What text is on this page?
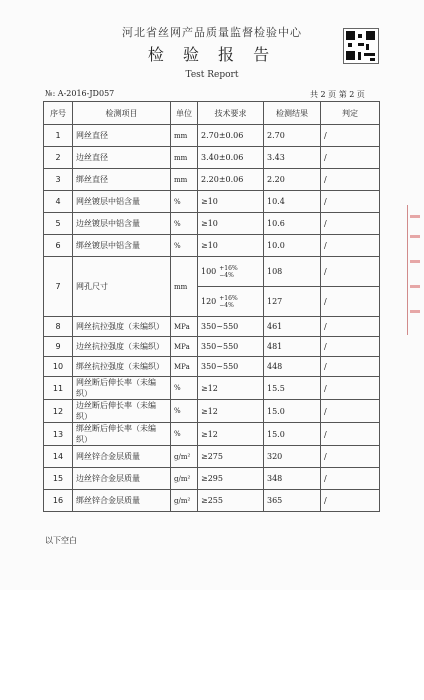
河北省丝网产品质量监督检验中心
检 验 报 告
Test Report
№: A-2016-JD057	共 2 页 第 2 页
序号	检测项目	单位	技术要求	检测结果	判定
1	网丝直径	mm	2.70±0.06	2.70	/
2	边丝直径	mm	3.40±0.06	3.43	/
3	绑丝直径	mm	2.20±0.06	2.20	/
4	网丝镀层中铝含量	%	≥10	10.4	/
5	边丝镀层中铝含量	%	≥10	10.6	/
6	绑丝镀层中铝含量	%	≥10	10.0	/
7	网孔尺寸	mm	100 +16%
−4%	108	/
			120 +16%
−4%	127	/
8	网丝抗拉强度（未编织）	MPa	350~550	461	/
9	边丝抗拉强度（未编织）	MPa	350~550	481	/
10	绑丝抗拉强度（未编织）	MPa	350~550	448	/
11	网丝断后伸长率（未编织）	%	≥12	15.5	/
12	边丝断后伸长率（未编织）	%	≥12	15.0	/
13	绑丝断后伸长率（未编织）	%	≥12	15.0	/
14	网丝锌合金层质量	g/m²	≥275	320	/
15	边丝锌合金层质量	g/m²	≥295	348	/
16	绑丝锌合金层质量	g/m²	≥255	365	/
以下空白
